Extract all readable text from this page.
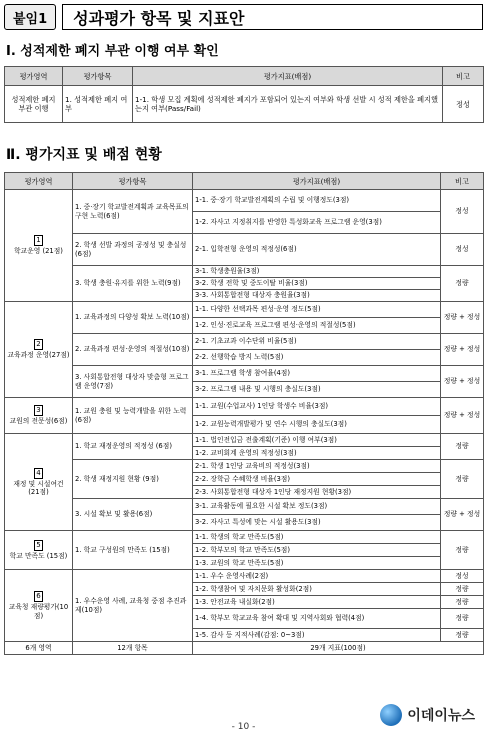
붙임1	성과평가 항목 및 지표안
Ⅰ. 성적제한 폐지 부관 이행 여부 확인
평가영역	평가항목	평가지표(배점)	비고
성적제한 폐지 부관 이행	1. 성적제한 폐지 여부	1-1. 학생 모집 계획에 성적제한 폐지가 포함되어 있는지 여부와 학생 선발 시 성적 제한을 폐지했는지 여부(Pass/Fail)	정성
Ⅱ. 평가지표 및 배점 현황
평가영역	평가항목	평가지표(배점)	비고

1
학교운영 (21점)	1. 중·장기 학교발전계획과 교육목표의 구현 노력(6점)	1-1. 중·장기 학교발전계획의 수립 및 이행정도(3점)	정성
		1-2. 자사고 지정취지를 반영한 특성화교육 프로그램 운영(3점)	
	2. 학생 선발 과정의 공정성 및 충실성(6점)	2-1. 입학전형 운영의 적정성(6점)	정성
	3. 학생 충원·유지를 위한 노력(9점)	3-1. 학생충원율(3점)	정량
		3-2. 학생 전학 및 중도이탈 비율(3점)	
		3-3. 사회통합전형 대상자 충원율(3점)	

2
교육과정 운영(27점)	1. 교육과정의 다양성 확보 노력(10점)	1-1. 다양한 선택과목 편성·운영 정도(5점)	정량 + 정성
		1-2. 인성·진로교육 프로그램 편성·운영의 적절성(5점)	
	2. 교육과정 편성·운영의 적절성(10점)	2-1. 기초교과 이수단위 비율(5점)	정량 + 정성
		2-2. 선행학습 방지 노력(5점)	
	3. 사회통합전형 대상자 맞춤형 프로그램 운영(7점)	3-1. 프로그램 학생 참여율(4점)	정량 + 정성
		3-2. 프로그램 내용 및 시행의 충실도(3점)	

3
교원의 전문성(6점)	1. 교원 충원 및 능력개발을 위한 노력(6점)	1-1. 교원(수업교사) 1인당 학생수 비율(3점)	정량 + 정성
		1-2. 교원능력개발평가 및 연수 시행의 충실도(3점)	

4
재정 및 시설여건 (21점)	1. 학교 재정운영의 적정성 (6점)	1-1. 법인전입금 전출계획(기준) 이행 여부(3점)	정량
		1-2. 교비회계 운영의 적정성(3점)	
	2. 학생 재정지원 현황 (9점)	2-1. 학생 1인당 교육비의 적정성(3점)	정량
		2-2. 장학금 수혜학생 비율(3점)	
		2-3. 사회통합전형 대상자 1인당 재정지원 현황(3점)	
	3. 시설 확보 및 활용(6점)	3-1. 교육활동에 필요한 시설 확보 정도(3점)	정량 + 정성
		3-2. 자사고 특성에 맞는 시설 활용도(3점)	

5
학교 만족도 (15점)	1. 학교 구성원의 만족도 (15점)	1-1. 학생의 학교 만족도(5점)	정량
		1-2. 학부모의 학교 만족도(5점)	
		1-3. 교원의 학교 만족도(5점)	

6
교육청 재량평가(10점)	1. 우수운영 사례, 교육청 중점 추진과제(10점)	1-1. 우수 운영사례(2점)	정성
		1-2. 학생참여 및 자치문화 활성화(2점)	정량
		1-3. 안전교육 내실화(2점)	정량
		1-4. 학부모 학교교육 참여 확대 및 지역사회와 협력(4점)	정량
		1-5. 감사 등 지적사례(감점: 0~3점)	정량
6개 영역	12개 항목	29개 지표(100점)	
이데이뉴스
- 10 -
